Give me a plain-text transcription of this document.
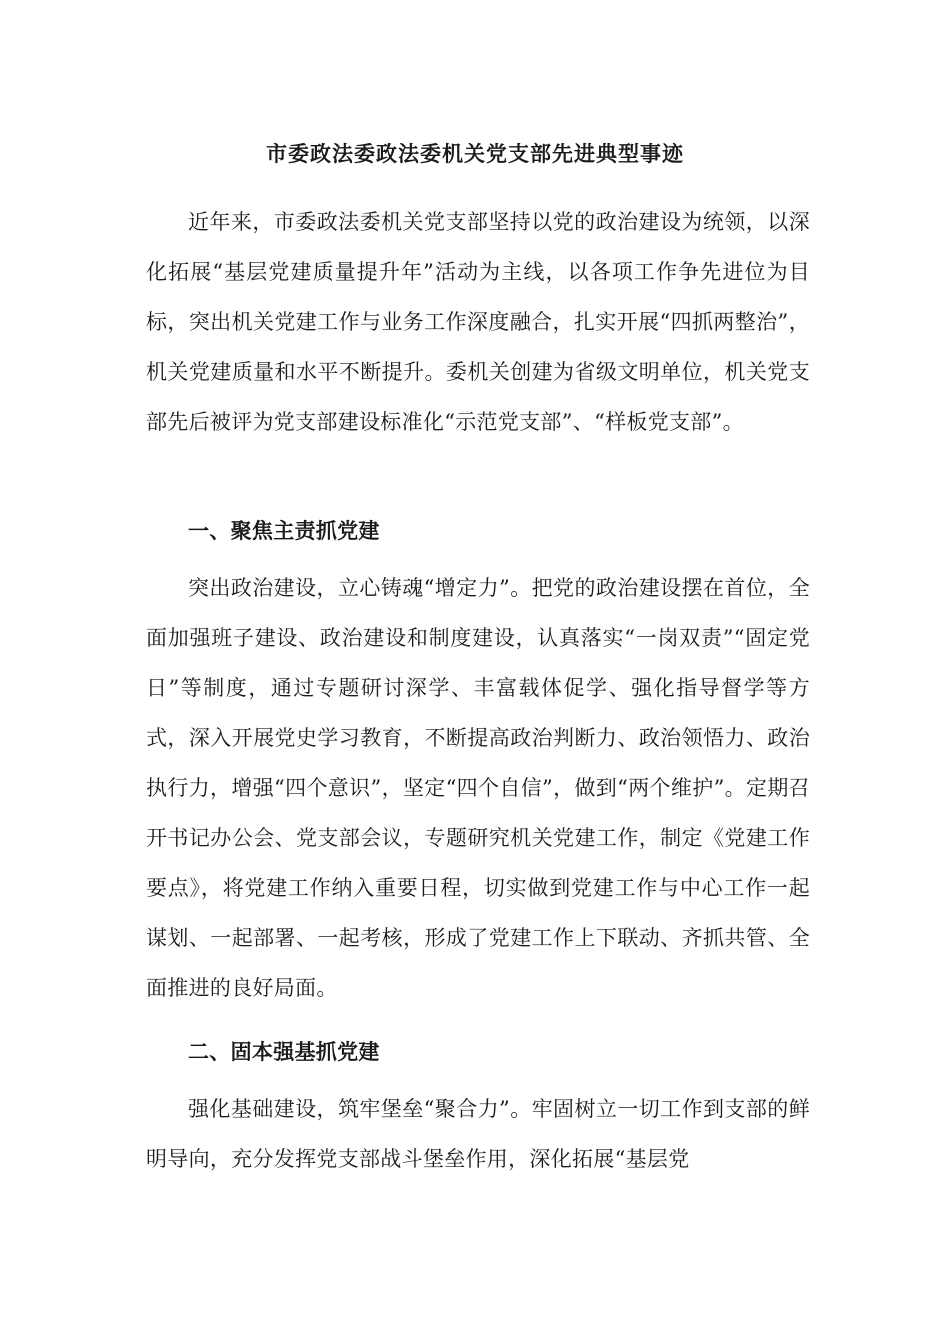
市委政法委政法委机关党支部先进典型事迹

近年来，市委政法委机关党支部坚持以党的政治建设为统领，以深化拓展“基层党建质量提升年”活动为主线，以各项工作争先进位为目标，突出机关党建工作与业务工作深度融合，扎实开展“四抓两整治”，机关党建质量和水平不断提升。委机关创建为省级文明单位，机关党支部先后被评为党支部建设标准化“示范党支部”、“样板党支部”。

一、聚焦主责抓党建

突出政治建设，立心铸魂“增定力”。把党的政治建设摆在首位，全面加强班子建设、政治建设和制度建设，认真落实“一岗双责”“固定党日”等制度，通过专题研讨深学、丰富载体促学、强化指导督学等方式，深入开展党史学习教育，不断提高政治判断力、政治领悟力、政治执行力，增强“四个意识”，坚定“四个自信”，做到“两个维护”。定期召开书记办公会、党支部会议，专题研究机关党建工作，制定《党建工作要点》，将党建工作纳入重要日程，切实做到党建工作与中心工作一起谋划、一起部署、一起考核，形成了党建工作上下联动、齐抓共管、全面推进的良好局面。

二、固本强基抓党建

强化基础建设，筑牢堡垒“聚合力”。牢固树立一切工作到支部的鲜明导向，充分发挥党支部战斗堡垒作用，深化拓展“基层党
